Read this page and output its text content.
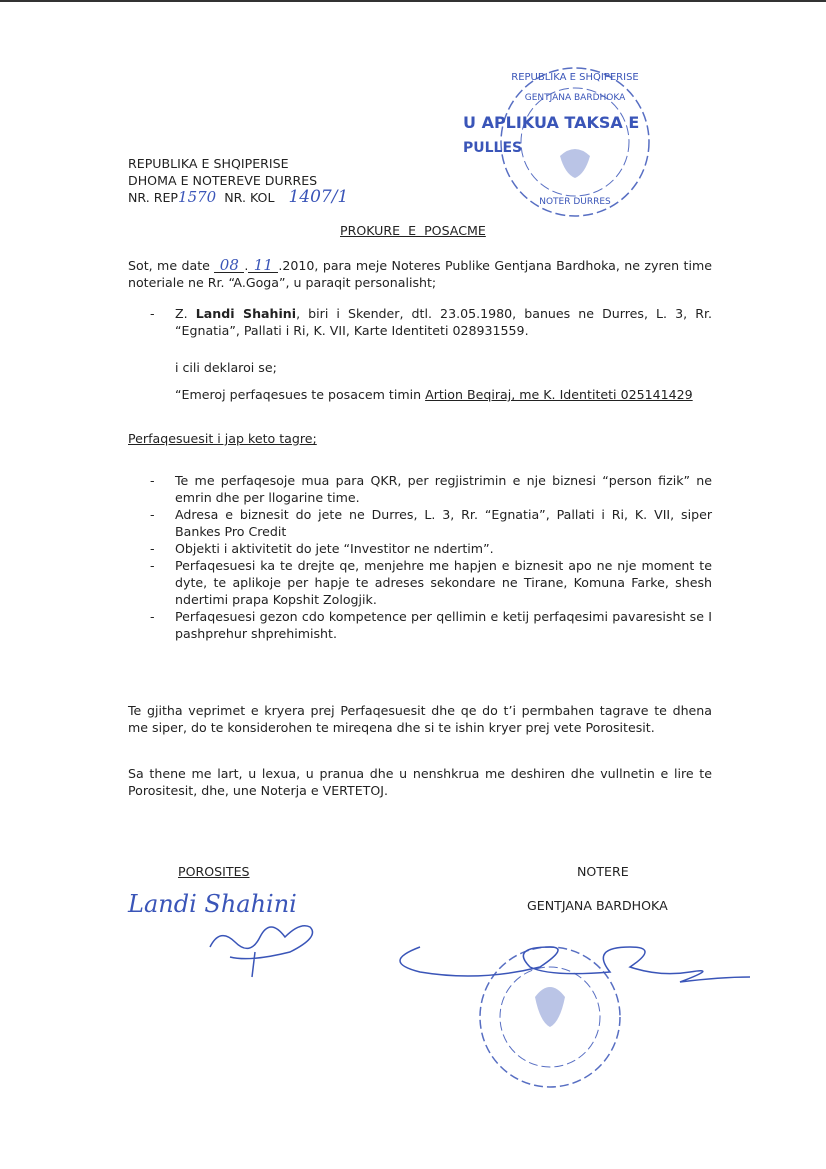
REPUBLIKA E SHQIPERISE
GENTJANA BARDHOKA
U APLIKUA TAKSA E
PULLES
NOTER DURRES
REPUBLIKA E SHQIPERISE
DHOMA E NOTEREVE DURRES
NR. REP1570 NR. KOL 1407/1
PROKURE E POSACME
Sot, me date 08 . 11 .2010, para meje Noteres Publike Gentjana Bardhoka, ne zyren time noteriale ne Rr. “A.Goga”, u paraqit personalisht;
- Z. Landi Shahini, biri i Skender, dtl. 23.05.1980, banues ne Durres, L. 3, Rr. “Egnatia”, Pallati i Ri, K. VII, Karte Identiteti 028931559.
i cili deklaroi se;
“Emeroj perfaqesues te posacem timin Artion Beqiraj, me K. Identiteti 025141429
Perfaqesuesit i jap keto tagre;
- Te me perfaqesoje mua para QKR, per regjistrimin e nje biznesi “person fizik” ne emrin dhe per llogarine time.
- Adresa e biznesit do jete ne Durres, L. 3, Rr. “Egnatia”, Pallati i Ri, K. VII, siper Bankes Pro Credit
- Objekti i aktivitetit do jete “Investitor ne ndertim”.
- Perfaqesuesi ka te drejte qe, menjehre me hapjen e biznesit apo ne nje moment te dyte, te aplikoje per hapje te adreses sekondare ne Tirane, Komuna Farke, shesh ndertimi prapa Kopshit Zologjik.
- Perfaqesuesi gezon cdo kompetence per qellimin e ketij perfaqesimi pavaresisht se I pashprehur shprehimisht.
Te gjitha veprimet e kryera prej Perfaqesuesit dhe qe do t’i permbahen tagrave te dhena me siper, do te konsiderohen te mireqena dhe si te ishin kryer prej vete Porositesit.
Sa thene me lart, u lexua, u pranua dhe u nenshkrua me deshiren dhe vullnetin e lire te Porositesit, dhe, une Noterja e VERTETOJ.
POROSITES
Landi Shahini
NOTERE
GENTJANA BARDHOKA
